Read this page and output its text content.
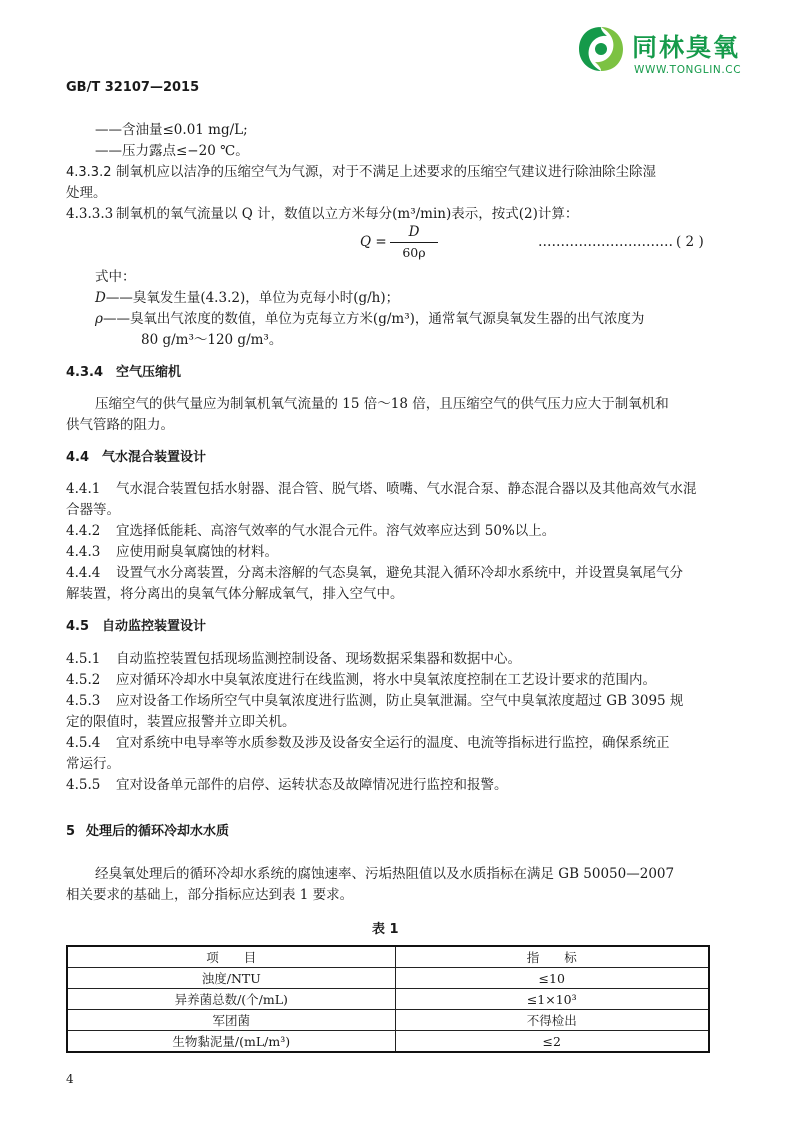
同林臭氧
WWW.TONGLIN.CC
GB/T 32107—2015
——含油量≤0.01 mg/L;
——压力露点≤−20 ℃。
4.3.3.2 制氧机应以洁净的压缩空气为气源，对于不满足上述要求的压缩空气建议进行除油除尘除湿
处理。
4.3.3.3 制氧机的氧气流量以 Q 计，数值以立方米每分(m³/min)表示，按式(2)计算：
Q =
D
60ρ
………………………… ( 2 )
式中：
D——臭氧发生量(4.3.2)，单位为克每小时(g/h)；
ρ——臭氧出气浓度的数值，单位为克每立方米(g/m³)，通常氧气源臭氧发生器的出气浓度为
80 g/m³～120 g/m³。
4.3.4 空气压缩机
压缩空气的供气量应为制氧机氧气流量的 15 倍～18 倍，且压缩空气的供气压力应大于制氧机和
供气管路的阻力。
4.4 气水混合装置设计
4.4.1 气水混合装置包括水射器、混合管、脱气塔、喷嘴、气水混合泵、静态混合器以及其他高效气水混
合器等。
4.4.2 宜选择低能耗、高溶气效率的气水混合元件。溶气效率应达到 50%以上。
4.4.3 应使用耐臭氧腐蚀的材料。
4.4.4 设置气水分离装置，分离未溶解的气态臭氧，避免其混入循环冷却水系统中，并设置臭氧尾气分
解装置，将分离出的臭氧气体分解成氧气，排入空气中。
4.5 自动监控装置设计
4.5.1 自动监控装置包括现场监测控制设备、现场数据采集器和数据中心。
4.5.2 应对循环冷却水中臭氧浓度进行在线监测，将水中臭氧浓度控制在工艺设计要求的范围内。
4.5.3 应对设备工作场所空气中臭氧浓度进行监测，防止臭氧泄漏。空气中臭氧浓度超过 GB 3095 规
定的限值时，装置应报警并立即关机。
4.5.4 宜对系统中电导率等水质参数及涉及设备安全运行的温度、电流等指标进行监控，确保系统正
常运行。
4.5.5 宜对设备单元部件的启停、运转状态及故障情况进行监控和报警。
5 处理后的循环冷却水水质
经臭氧处理后的循环冷却水系统的腐蚀速率、污垢热阻值以及水质指标在满足 GB 50050—2007
相关要求的基础上，部分指标应达到表 1 要求。
表 1
项　　目	指　　标
浊度/NTU	≤10
异养菌总数/(个/mL)	≤1×10³
军团菌	不得检出
生物黏泥量/(mL/m³)	≤2
4
